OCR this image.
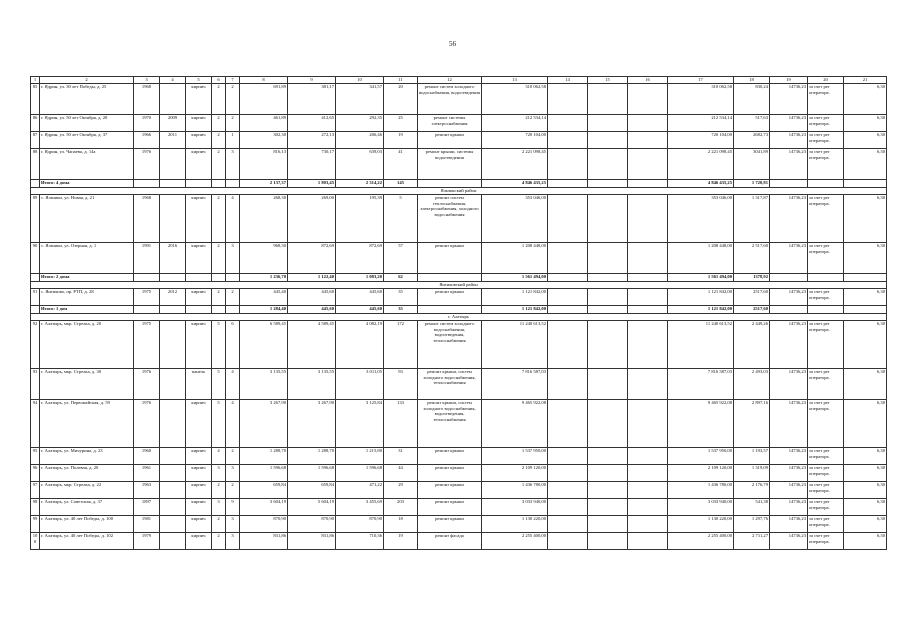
56
1	2	3	4	5	6	7	8	9	10	11	12	13	14	15	16	17	18	19	20	21
85	г. Ядрин, ул. 30 лет Победы, д. 25	1968		кирпич	2	2	691,89	381,17	341,57	20	ремонт систем холодного водоснабжения, водоотведения	310 062,58				310 062,58	830,24	14736,23	за счет рег оператора.	6,30
86	г. Ядрин, ул. 50 лет Октября, д. 20	1970	2009	кирпич	2	2	461,89	412,65	292,35	25	ремонт системы электроснабжения	212 534,14				212 534,14	517,63	14736,23	за счет рег оператора.	6,30
87	г. Ядрин, ул. 50 лет Октября, д. 37	1966	2011	кирпич	2	1	302,30	272,13	206,46	19	ремонт крыши	720 104,00				720 104,00	2682,73	14736,23	за счет рег оператора.	6,30
88	г. Ядрин, ул. Чапаева, д. 14а	1976		кирпич	2	3	816,13	730,17	639,03	41	ремонт крыши, системы водоотведения	2 221 098,45				2 221 098,45	3041,89	14736,23	за счет рег оператора.	6,30
	Итого: 4 дома						2 137,37	1 803,45	2 314,22	145		4 846 435,25				4 846 435,25	1 720,81			
Яльчикский район																				
89	с. Яльчики, ул. Новая, д. 21	1968		кирпич	2	4	268,30	269,00	195,39	5	ремонт систем теплоснабжения, электроснабжения, холодного водоснабжения	353 046,00				353 046,00	1 317,87	14736,23	за счет рег оператора.	6,30
90	с. Яльчики, ул. Озерная, д. 1	1991	2016	кирпич	2	3	968,30	872,69	872,69	57	ремонт крыши	1 208 448,00				1 208 448,00	2 517,60	14736,23	за счет рег оператора.	6,30
	Итого: 2 дома						1 236,70	1 122,40	1 083,20	62		1 561 494,00				1 561 494,00	1378,92			
Янтиковский район																				
91	с. Янтиково, пр. РТП, д. 28	1975	2012	кирпич	2	2	445,40	445,60	445,60	35	ремонт крыши	1 121 842,00				1 121 842,00	2517,60	14736,23	за счет рег оператора.	6,30
	Итого: 1 дом						1 284,40	445,60	445,60	35		1 121 842,00				1 121 842,00	2517,60			
г. Алатырь																				
92	г. Алатырь, мкр. Стрелка, д. 20	1975		кирпич	5	6	6 589,45	4 589,45	4 082,19	172	ремонт систем холодного водоснабжения, водоотведения, теплоснабжения	11 240 613,52				11 240 613,52	2 449,26	14736,23	за счет рег оператора.	6,30
93	г. Алатырь, мкр. Стрелка, д. 30	1976		панель	5	4	3 135,55	3 135,55	3 011,05	93	ремонт крыши, систем холодного водоснабжения, теплоснабжения	7 816 587,03				7 816 587,03	2 493,03	14736,23	за счет рег оператора.	6,30
94	г. Алатырь, ул. Первомайская, д. 59	1976		кирпич	5	4	3 267,90	3 267,90	3 125,84	133	ремонт крыши, систем холодного водоснабжения, водоотведения, теплоснабжения	9 465 922,08				9 465 922,08	2 897,16	14736,23	за счет рег оператора.	6,30
95	г. Алатырь, ул. Мичурина, д. 23	1960		кирпич	4	2	1 288,70	1 288,70	1 215,80	31	ремонт крыши	1 537 950,00				1 537 950,00	1 193,57	14736,23	за счет рег оператора.	6,30
96	г. Алатырь, ул. Полевая, д. 20	1961		кирпич	3	3	1 596,68	1 596,68	1 596,68	44	ремонт крыши	2 109 120,00				2 109 120,00	1 319,09	14736,23	за счет рег оператора.	6,30
97	г. Алатырь, мкр. Стрелка, д. 22	1963		кирпич	2	2	659,84	659,84	471,22	29	ремонт крыши	1 436 780,00				1 436 780,00	2 176,79	14736,23	за счет рег оператора.	6,30
98	г. Алатырь, ул. Советская, д. 37	1897		кирпич	3	9	3 604,19	5 604,19	3 455,69	203	ремонт крыши	3 033 940,00				3 033 940,00	541,38	14736,23	за счет рег оператора.	6,30
99	г. Алатырь, ул. 40 лет Победы, д. 100	1981		кирпич	2	3	870,90	870,90	870,90	18	ремонт крыши	1 130 220,00				1 130 220,00	1 297,76	14736,23	за счет рег оператора.	6,30
100	г. Алатырь, ул. 40 лет Победы, д. 102	1979		кирпич	2	3	831,86	831,86	710,36	19	ремонт фасада	2 255 400,00				2 255 400,00	2 711,27	14736,23	за счет рег оператора.	6,30
